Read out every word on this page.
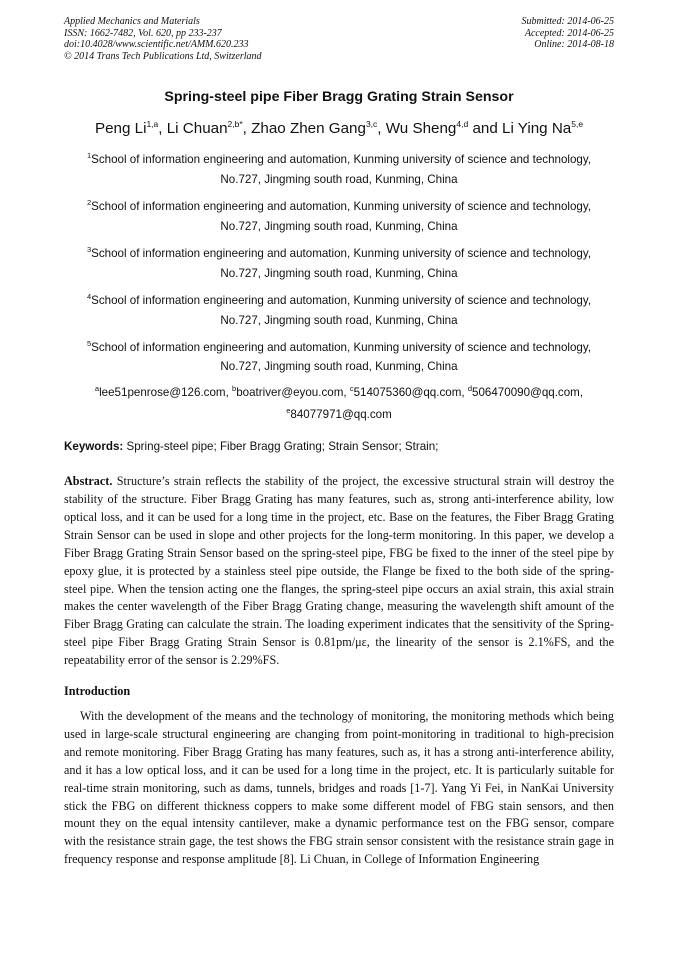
Applied Mechanics and Materials
ISSN: 1662-7482, Vol. 620, pp 233-237
doi:10.4028/www.scientific.net/AMM.620.233
© 2014 Trans Tech Publications Ltd, Switzerland
Submitted: 2014-06-25
Accepted: 2014-06-25
Online: 2014-08-18
Spring-steel pipe Fiber Bragg Grating Strain Sensor
Peng Li$^{1,a}$, Li Chuan$^{2,b*}$, Zhao Zhen Gang$^{3,c}$, Wu Sheng$^{4,d}$ and Li Ying Na$^{5,e}$
$^1$School of information engineering and automation, Kunming university of science and technology,
No.727, Jingming south road, Kunming, China
$^2$School of information engineering and automation, Kunming university of science and technology,
No.727, Jingming south road, Kunming, China
$^3$School of information engineering and automation, Kunming university of science and technology,
No.727, Jingming south road, Kunming, China
$^4$School of information engineering and automation, Kunming university of science and technology,
No.727, Jingming south road, Kunming, China
$^5$School of information engineering and automation, Kunming university of science and technology,
No.727, Jingming south road, Kunming, China
$^a$lee51penrose@126.com, $^b$boatriver@eyou.com, $^c$514075360@qq.com, $^d$506470090@qq.com,
$^e$84077971@qq.com
Keywords: Spring-steel pipe; Fiber Bragg Grating; Strain Sensor; Strain;
Abstract. Structure’s strain reflects the stability of the project, the excessive structural strain will destroy the stability of the structure. Fiber Bragg Grating has many features, such as, strong anti-interference ability, low optical loss, and it can be used for a long time in the project, etc. Base on the features, the Fiber Bragg Grating Strain Sensor can be used in slope and other projects for the long-term monitoring. In this paper, we develop a Fiber Bragg Grating Strain Sensor based on the spring-steel pipe, FBG be fixed to the inner of the steel pipe by epoxy glue, it is protected by a stainless steel pipe outside, the Flange be fixed to the both side of the spring-steel pipe. When the tension acting one the flanges, the spring-steel pipe occurs an axial strain, this axial strain makes the center wavelength of the Fiber Bragg Grating change, measuring the wavelength shift amount of the Fiber Bragg Grating can calculate the strain. The loading experiment indicates that the sensitivity of the Spring-steel pipe Fiber Bragg Grating Strain Sensor is 0.81pm/με, the linearity of the sensor is 2.1%FS, and the repeatability error of the sensor is 2.29%FS.
Introduction
With the development of the means and the technology of monitoring, the monitoring methods which being used in large-scale structural engineering are changing from point-monitoring in traditional to high-precision and remote monitoring. Fiber Bragg Grating has many features, such as, it has a strong anti-interference ability, and it has a low optical loss, and it can be used for a long time in the project, etc. It is particularly suitable for real-time strain monitoring, such as dams, tunnels, bridges and roads [1-7]. Yang Yi Fei, in NanKai University stick the FBG on different thickness coppers to make some different model of FBG stain sensors, and then mount they on the equal intensity cantilever, make a dynamic performance test on the FBG sensor, compare with the resistance strain gage, the test shows the FBG strain sensor consistent with the resistance strain gage in frequency response and response amplitude [8]. Li Chuan, in College of Information Engineering
